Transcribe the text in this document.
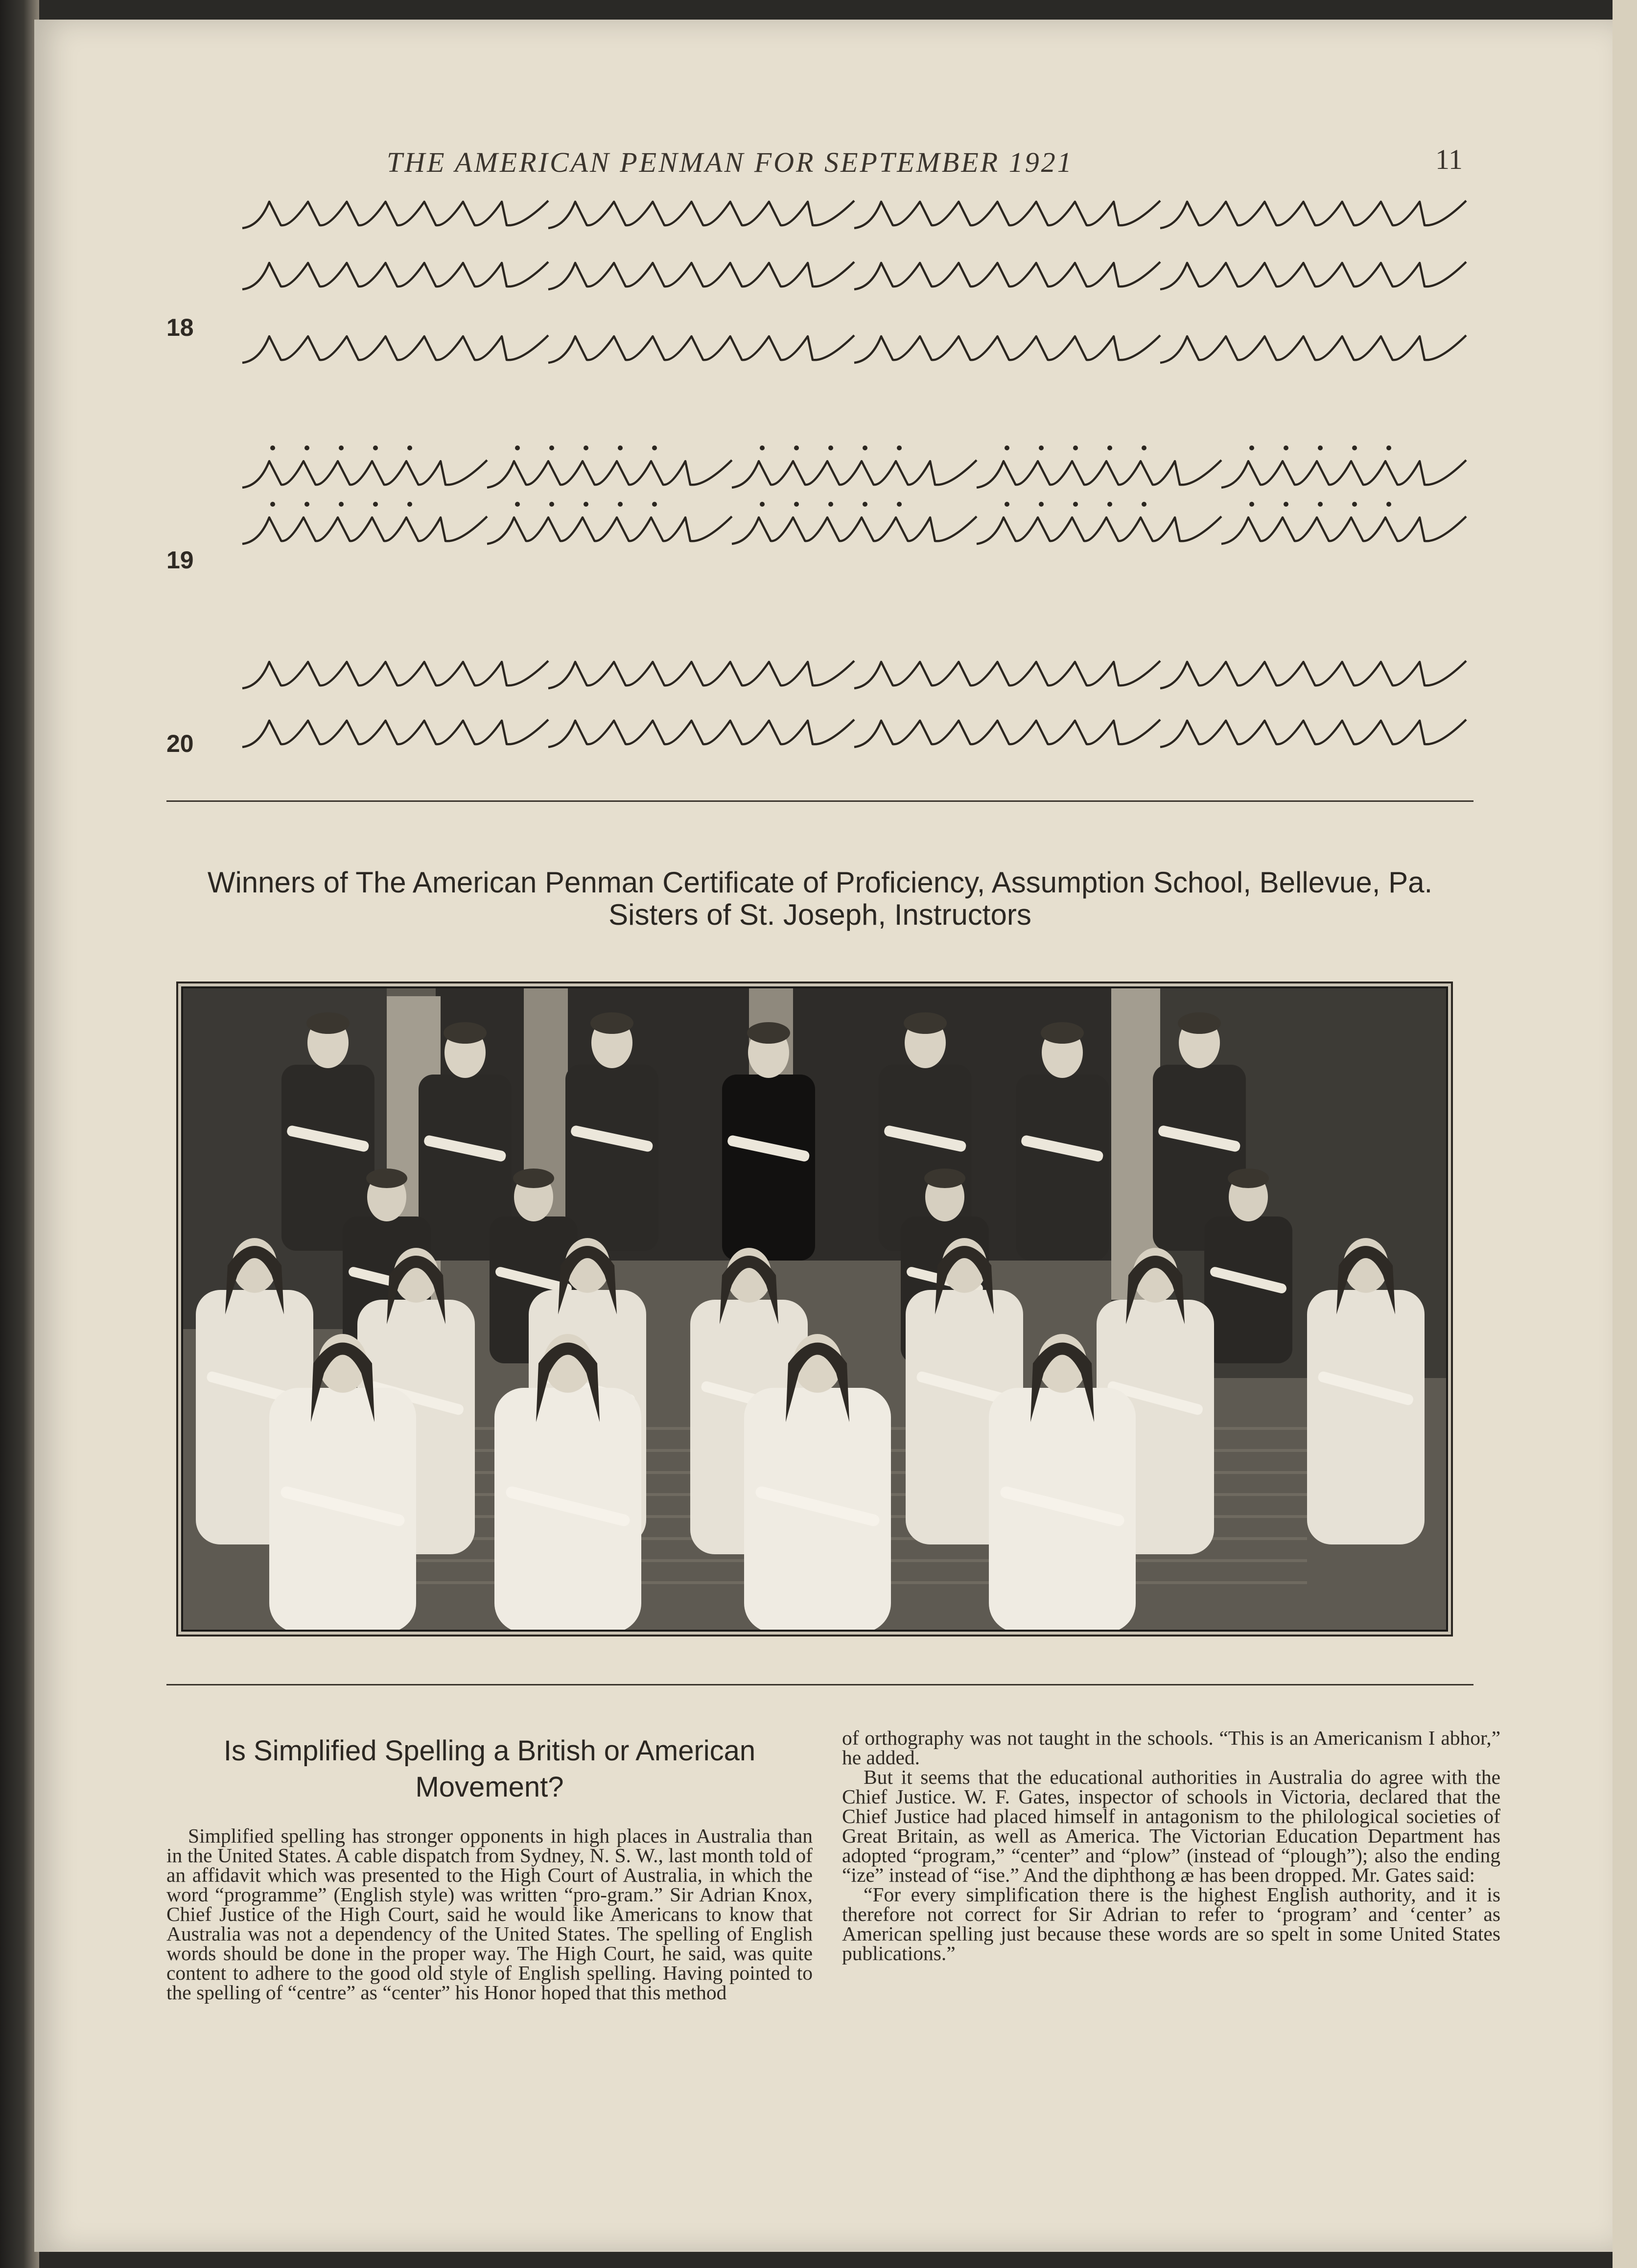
THE AMERICAN PENMAN FOR SEPTEMBER 1921	11
18
19
20
Winners of The American Penman Certificate of Proficiency, Assumption School, Bellevue, Pa.
Sisters of St. Joseph, Instructors
Is Simplified Spelling a British or American Movement?

Simplified spelling has stronger opponents in high places in Australia than in the United States. A cable dispatch from Sydney, N. S. W., last month told of an affidavit which was presented to the High Court of Australia, in which the word “programme” (English style) was written “pro-gram.” Sir Adrian Knox, Chief Justice of the High Court, said he would like Americans to know that Australia was not a dependency of the United States. The spelling of English words should be done in the proper way. The High Court, he said, was quite content to adhere to the good old style of English spelling. Having pointed to the spelling of “centre” as “center” his Honor hoped that this method

of orthography was not taught in the schools. “This is an Americanism I abhor,” he added.

But it seems that the educational authorities in Australia do agree with the Chief Justice. W. F. Gates, inspector of schools in Victoria, declared that the Chief Justice had placed himself in antagonism to the philological societies of Great Britain, as well as America. The Victorian Education Department has adopted “program,” “center” and “plow” (instead of “plough”); also the ending “ize” instead of “ise.” And the diphthong æ has been dropped. Mr. Gates said:

“For every simplification there is the highest English authority, and it is therefore not correct for Sir Adrian to refer to ‘program’ and ‘center’ as American spelling just because these words are so spelt in some United States publications.”
